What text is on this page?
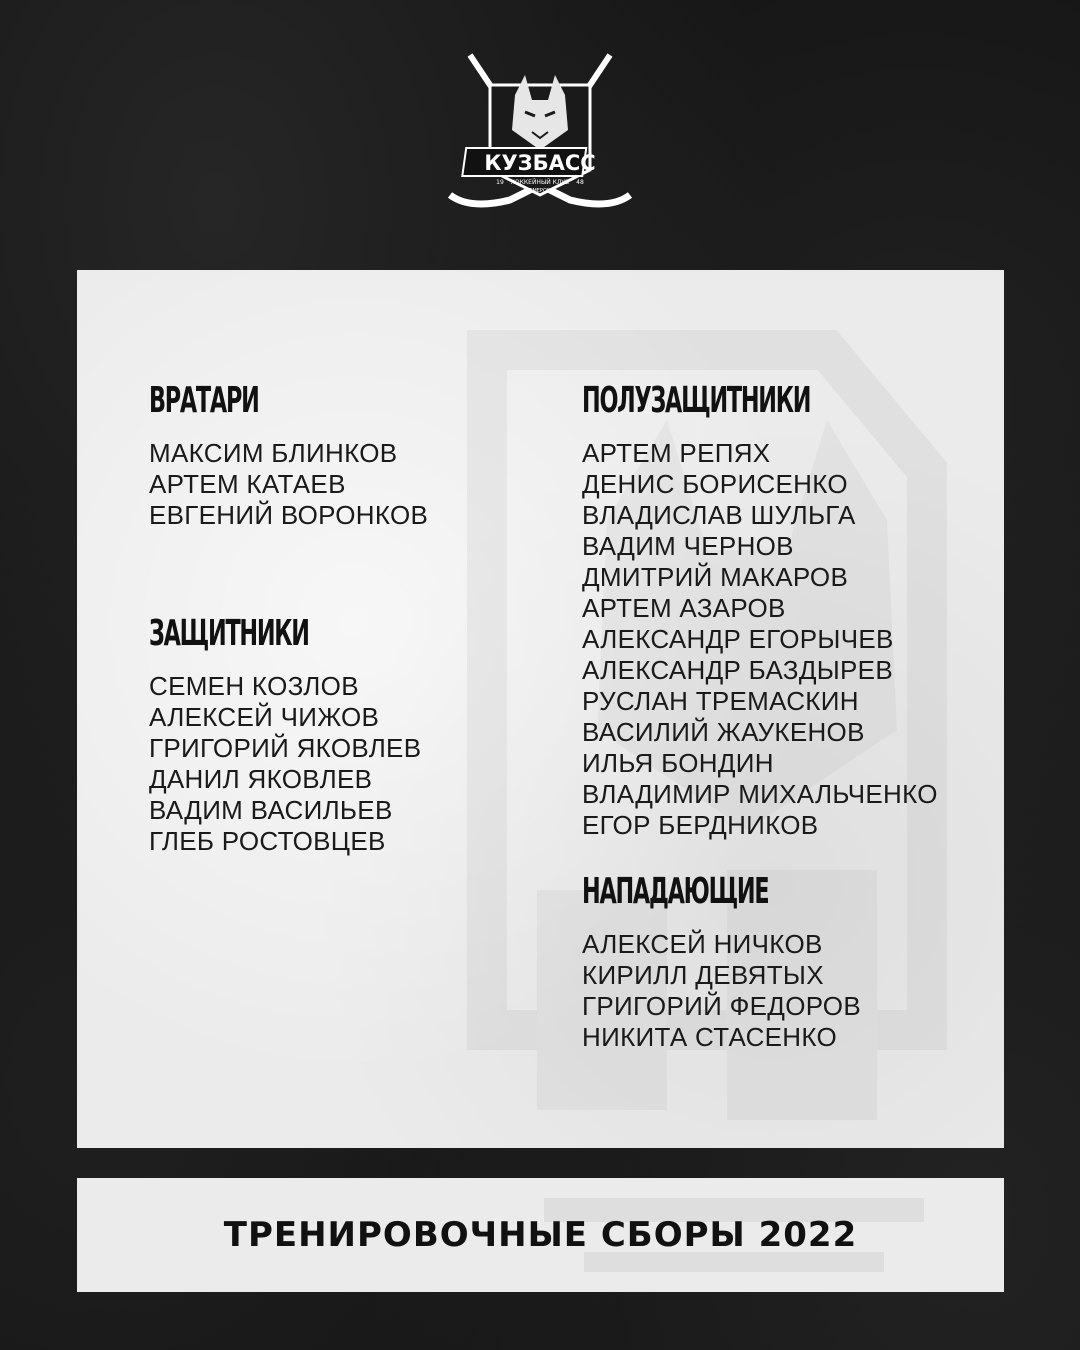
КУЗБАСС
ХОККЕЙНЫЙ КЛУБ
19	48
КЕМЕРОВО
ВРАТАРИ
МАКСИМ БЛИНКОВ
АРТЕМ КАТАЕВ
ЕВГЕНИЙ ВОРОНКОВ
ЗАЩИТНИКИ
СЕМЕН КОЗЛОВ
АЛЕКСЕЙ ЧИЖОВ
ГРИГОРИЙ ЯКОВЛЕВ
ДАНИЛ ЯКОВЛЕВ
ВАДИМ ВАСИЛЬЕВ
ГЛЕБ РОСТОВЦЕВ
ПОЛУЗАЩИТНИКИ
АРТЕМ РЕПЯХ
ДЕНИС БОРИСЕНКО
ВЛАДИСЛАВ ШУЛЬГА
ВАДИМ ЧЕРНОВ
ДМИТРИЙ МАКАРОВ
АРТЕМ АЗАРОВ
АЛЕКСАНДР ЕГОРЫЧЕВ
АЛЕКСАНДР БАЗДЫРЕВ
РУСЛАН ТРЕМАСКИН
ВАСИЛИЙ ЖАУКЕНОВ
ИЛЬЯ БОНДИН
ВЛАДИМИР МИХАЛЬЧЕНКО
ЕГОР БЕРДНИКОВ
НАПАДАЮЩИЕ
АЛЕКСЕЙ НИЧКОВ
КИРИЛЛ ДЕВЯТЫХ
ГРИГОРИЙ ФЕДОРОВ
НИКИТА СТАСЕНКО
ТРЕНИРОВОЧНЫЕ СБОРЫ 2022
